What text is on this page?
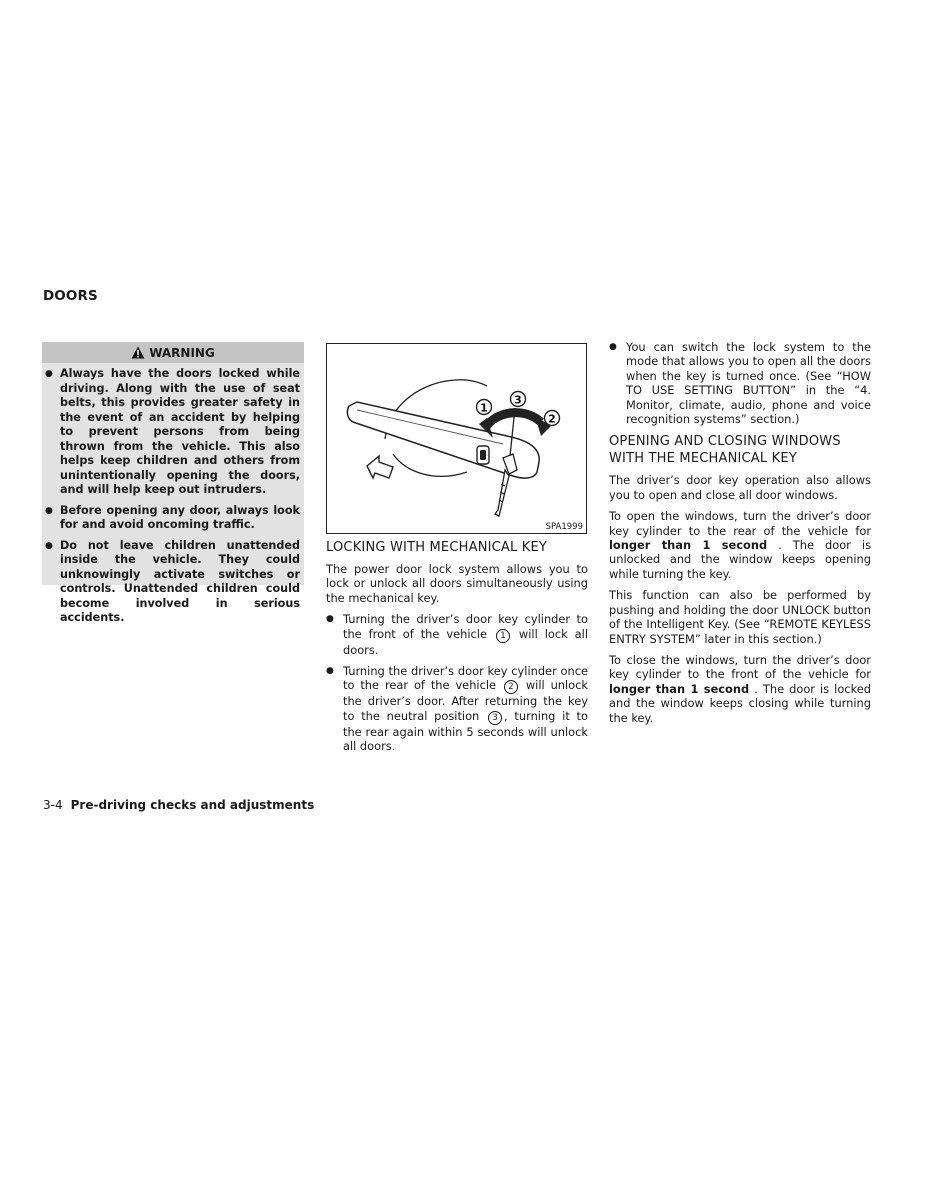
DOORS
WARNING
● Always have the doors locked while driving. Along with the use of seat belts, this provides greater safety in the event of an accident by helping to prevent persons from being thrown from the vehicle. This also helps keep children and others from unintentionally opening the doors, and will help keep out intruders.
● Before opening any door, always look for and avoid oncoming traffic.
● Do not leave children unattended inside the vehicle. They could unknowingly activate switches or controls. Unattended children could become involved in serious accidents.
1
3
2
SPA1999
LOCKING WITH MECHANICAL KEY

The power door lock system allows you to lock or unlock all doors simultaneously using the mechanical key.

● Turning the driver’s door key cylinder to the front of the vehicle 1 will lock all doors.
● Turning the driver’s door key cylinder once to the rear of the vehicle 2 will unlock the driver’s door. After returning the key to the neutral position 3 , turning it to the rear again within 5 seconds will unlock all doors.
● You can switch the lock system to the mode that allows you to open all the doors when the key is turned once. (See “HOW TO USE SETTING BUTTON” in the “4. Monitor, climate, audio, phone and voice recognition systems” section.)
OPENING AND CLOSING WINDOWS WITH THE MECHANICAL KEY

The driver’s door key operation also allows you to open and close all door windows.

To open the windows, turn the driver’s door key cylinder to the rear of the vehicle for longer than 1 second . The door is unlocked and the window keeps opening while turning the key.

This function can also be performed by pushing and holding the door UNLOCK button of the Intelligent Key. (See “REMOTE KEYLESS ENTRY SYSTEM” later in this section.)

To close the windows, turn the driver’s door key cylinder to the front of the vehicle for longer than 1 second . The door is locked and the window keeps closing while turning the key.

3-4 Pre-driving checks and adjustments
